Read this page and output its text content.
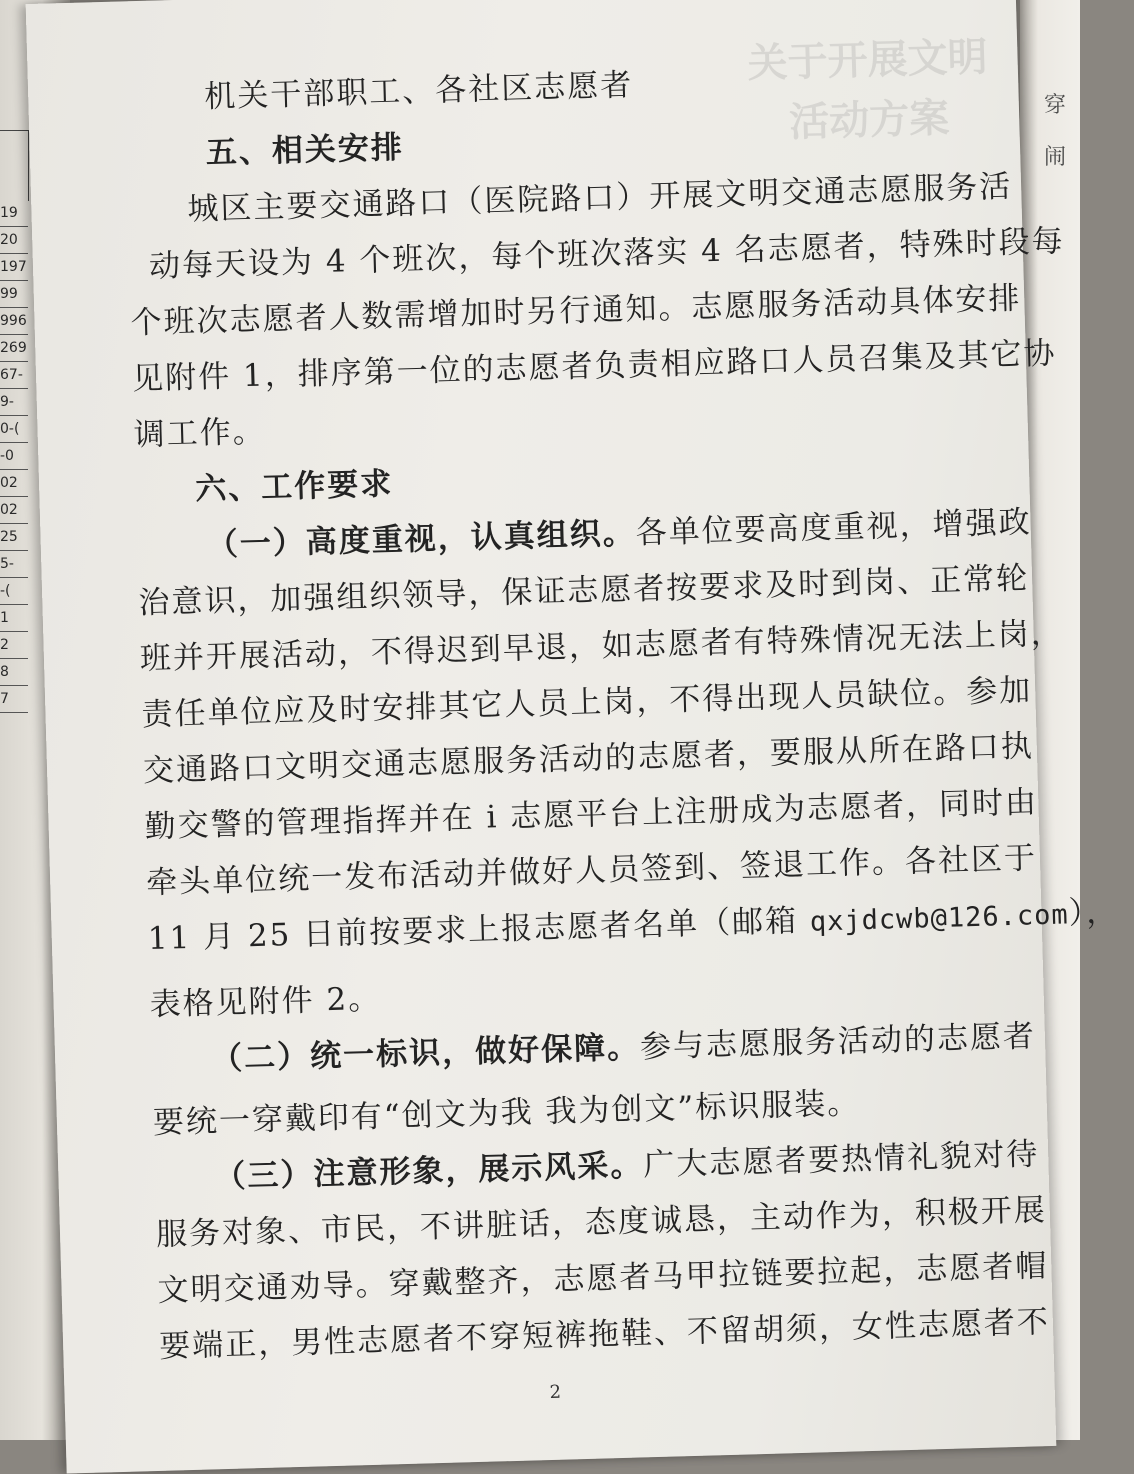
19
20
197
99
996
269
67-
9-
0-(
-0
02
02
25
5-
-(
1
2
8
7
穿
闹
关于开展文明
活动方案
机关干部职工、各社区志愿者
五、相关安排
城区主要交通路口（医院路口）开展文明交通志愿服务活
动每天设为 4 个班次，每个班次落实 4 名志愿者，特殊时段每
个班次志愿者人数需增加时另行通知。志愿服务活动具体安排
见附件 1，排序第一位的志愿者负责相应路口人员召集及其它协
调工作。
六、工作要求
（一）高度重视，认真组织。各单位要高度重视，增强政
治意识，加强组织领导，保证志愿者按要求及时到岗、正常轮
班并开展活动，不得迟到早退，如志愿者有特殊情况无法上岗，
责任单位应及时安排其它人员上岗，不得出现人员缺位。参加
交通路口文明交通志愿服务活动的志愿者，要服从所在路口执
勤交警的管理指挥并在 i 志愿平台上注册成为志愿者，同时由
牵头单位统一发布活动并做好人员签到、签退工作。各社区于
11 月 25 日前按要求上报志愿者名单（邮箱 qxjdcwb@126.com），
表格见附件 2。
（二）统一标识，做好保障。参与志愿服务活动的志愿者
要统一穿戴印有“创文为我 我为创文”标识服装。
（三）注意形象，展示风采。广大志愿者要热情礼貌对待
服务对象、市民，不讲脏话，态度诚恳，主动作为，积极开展
文明交通劝导。穿戴整齐，志愿者马甲拉链要拉起，志愿者帽
要端正，男性志愿者不穿短裤拖鞋、不留胡须，女性志愿者不
2
